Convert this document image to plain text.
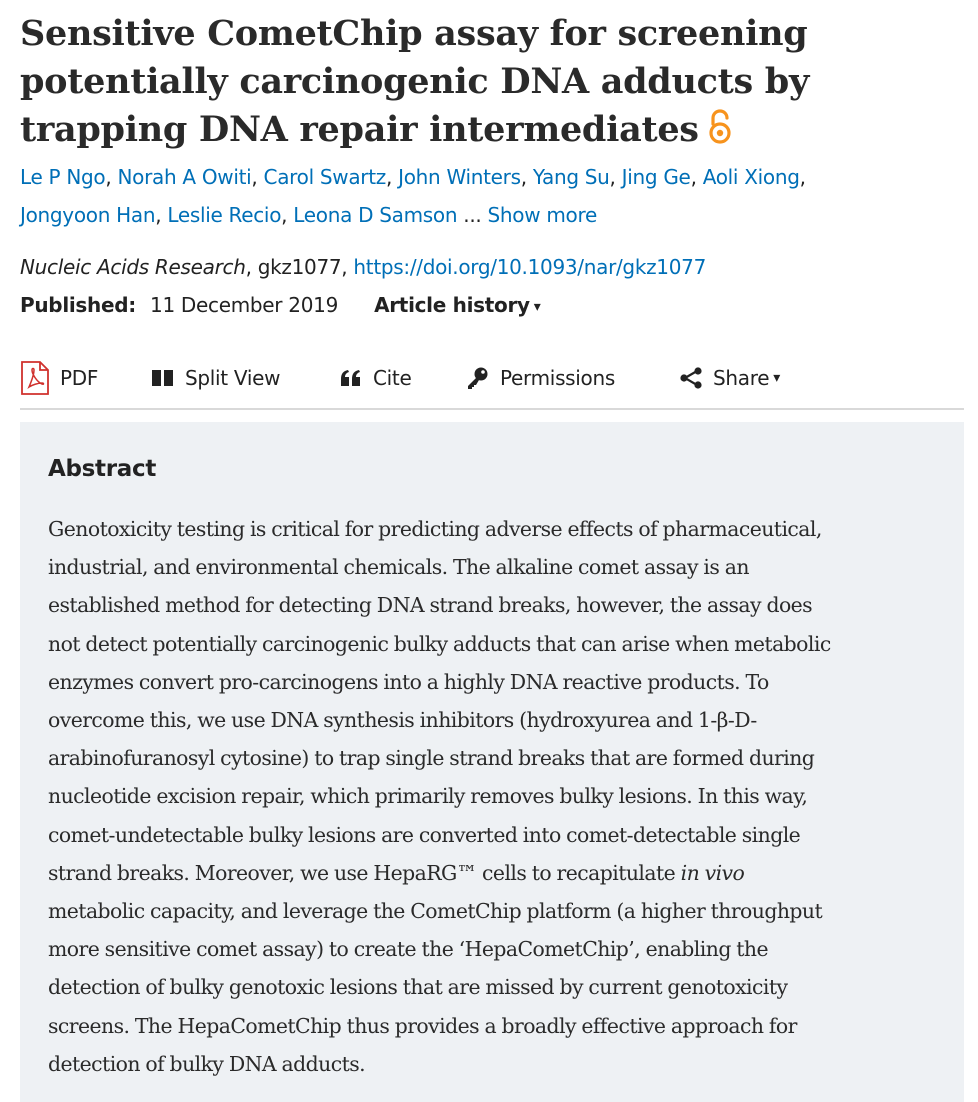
Sensitive CometChip assay for screening potentially carcinogenic DNA adducts by trapping DNA repair intermediates
Le P Ngo, Norah A Owiti, Carol Swartz, John Winters, Yang Su, Jing Ge, Aoli Xiong,
Jongyoon Han, Leslie Recio, Leona D Samson ... Show more
Nucleic Acids Research, gkz1077, https://doi.org/10.1093/nar/gkz1077
Published: 11 December 2019 Article history ▾
PDF	Split View	Cite	Permissions	Share ▾
Abstract

Genotoxicity testing is critical for predicting adverse effects of pharmaceutical,
industrial, and environmental chemicals. The alkaline comet assay is an
established method for detecting DNA strand breaks, however, the assay does
not detect potentially carcinogenic bulky adducts that can arise when metabolic
enzymes convert pro-carcinogens into a highly DNA reactive products. To
overcome this, we use DNA synthesis inhibitors (hydroxyurea and 1-β-D-
arabinofuranosyl cytosine) to trap single strand breaks that are formed during
nucleotide excision repair, which primarily removes bulky lesions. In this way,
comet-undetectable bulky lesions are converted into comet-detectable single
strand breaks. Moreover, we use HepaRG™ cells to recapitulate in vivo
metabolic capacity, and leverage the CometChip platform (a higher throughput
more sensitive comet assay) to create the ‘HepaCometChip’, enabling the
detection of bulky genotoxic lesions that are missed by current genotoxicity
screens. The HepaCometChip thus provides a broadly effective approach for
detection of bulky DNA adducts.
